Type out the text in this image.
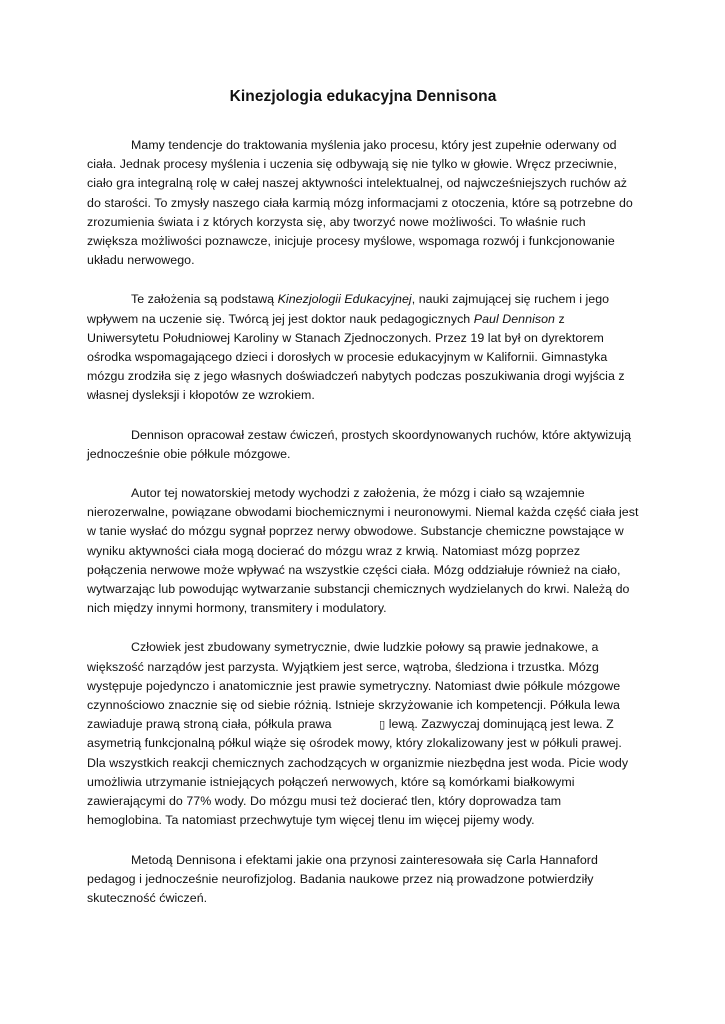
Kinezjologia edukacyjna Dennisona

Mamy tendencje do traktowania myślenia jako procesu, który jest zupełnie oderwany od ciała. Jednak procesy myślenia i uczenia się odbywają się nie tylko w głowie. Wręcz przeciwnie, ciało gra integralną rolę w całej naszej aktywności intelektualnej, od najwcześniejszych ruchów aż do starości. To zmysły naszego ciała karmią mózg informacjami z otoczenia, które są potrzebne do zrozumienia świata i z których korzysta się, aby tworzyć nowe możliwości. To właśnie ruch zwiększa możliwości poznawcze, inicjuje procesy myślowe, wspomaga rozwój i funkcjonowanie układu nerwowego.

Te założenia są podstawą Kinezjologii Edukacyjnej, nauki zajmującej się ruchem i jego wpływem na uczenie się. Twórcą jej jest doktor nauk pedagogicznych Paul Dennison z Uniwersytetu Południowej Karoliny w Stanach Zjednoczonych. Przez 19 lat był on dyrektorem ośrodka wspomagającego dzieci i dorosłych w procesie edukacyjnym w Kalifornii. Gimnastyka mózgu zrodziła się z jego własnych doświadczeń nabytych podczas poszukiwania drogi wyjścia z własnej dysleksji i kłopotów ze wzrokiem.

Dennison opracował zestaw ćwiczeń, prostych skoordynowanych ruchów, które aktywizują jednocześnie obie półkule mózgowe.

Autor tej nowatorskiej metody wychodzi z założenia, że mózg i ciało są wzajemnie nierozerwalne, powiązane obwodami biochemicznymi i neuronowymi. Niemal każda część ciała jest w tanie wysłać do mózgu sygnał poprzez nerwy obwodowe. Substancje chemiczne powstające w wyniku aktywności ciała mogą docierać do mózgu wraz z krwią. Natomiast mózg poprzez połączenia nerwowe może wpływać na wszystkie części ciała. Mózg oddziałuje również na ciało, wytwarzając lub powodując wytwarzanie substancji chemicznych wydzielanych do krwi. Należą do nich między innymi hormony, transmitery i modulatory.

Człowiek jest zbudowany symetrycznie, dwie ludzkie połowy są prawie jednakowe, a większość narządów jest parzysta. Wyjątkiem jest serce, wątroba, śledziona i trzustka. Mózg występuje pojedynczo i anatomicznie jest prawie symetryczny. Natomiast dwie półkule mózgowe czynnościowo znacznie się od siebie różnią. Istnieje skrzyżowanie ich kompetencji. Półkula lewa zawiaduje prawą stroną ciała, półkula prawa	▯ lewą. Zazwyczaj dominującą jest lewa. Z asymetrią funkcjonalną półkul wiąże się ośrodek mowy, który zlokalizowany jest w półkuli prawej. Dla wszystkich reakcji chemicznych zachodzących w organizmie niezbędna jest woda. Picie wody umożliwia utrzymanie istniejących połączeń nerwowych, które są komórkami białkowymi zawierającymi do 77% wody. Do mózgu musi też docierać tlen, który doprowadza tam hemoglobina. Ta natomiast przechwytuje tym więcej tlenu im więcej pijemy wody.

Metodą Dennisona i efektami jakie ona przynosi zainteresowała się Carla Hannaford pedagog i jednocześnie neurofizjolog. Badania naukowe przez nią prowadzone potwierdziły skuteczność ćwiczeń.
